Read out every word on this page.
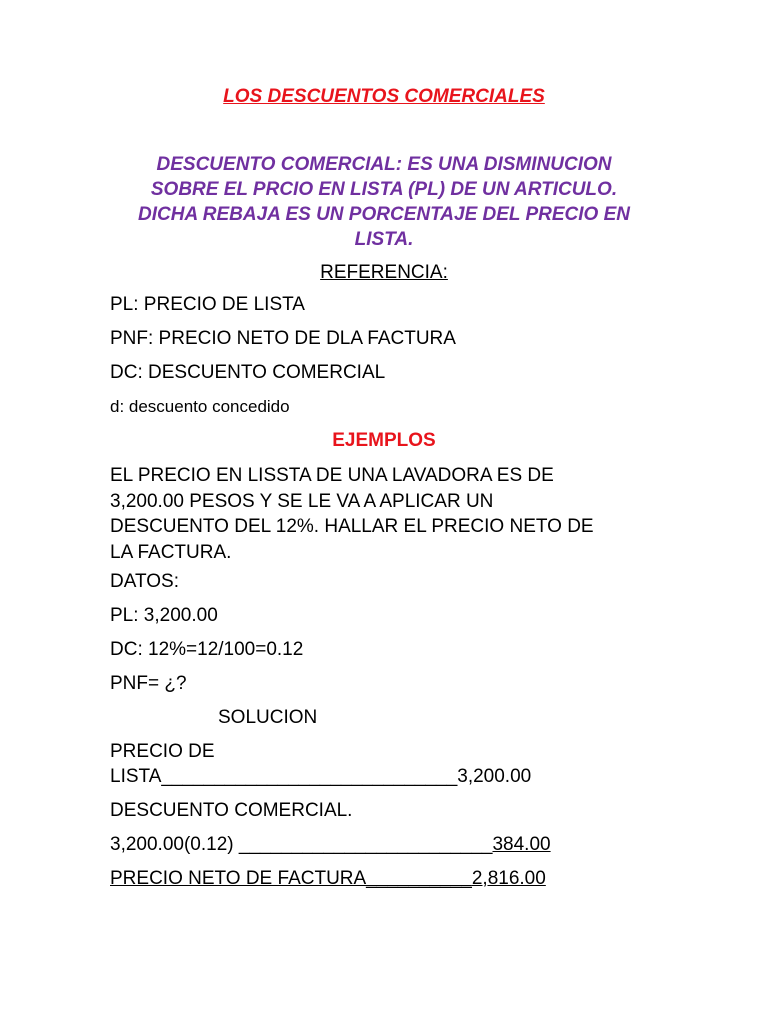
LOS DESCUENTOS COMERCIALES
DESCUENTO COMERCIAL: ES UNA DISMINUCION
SOBRE EL PRCIO EN LISTA (PL) DE UN ARTICULO.
DICHA REBAJA ES UN PORCENTAJE DEL PRECIO EN
LISTA.
REFERENCIA:
PL: PRECIO DE LISTA
PNF: PRECIO NETO DE DLA FACTURA
DC: DESCUENTO COMERCIAL
d: descuento concedido
EJEMPLOS
EL PRECIO EN LISSTA DE UNA LAVADORA ES DE
3,200.00 PESOS Y SE LE VA A APLICAR UN
DESCUENTO DEL 12%. HALLAR EL PRECIO NETO DE
LA FACTURA.
DATOS:
PL: 3,200.00
DC: 12%=12/100=0.12
PNF= ¿?
SOLUCION
PRECIO DE
LISTA____________________________3,200.00
DESCUENTO COMERCIAL.
3,200.00(0.12) ________________________384.00
PRECIO NETO DE FACTURA__________2,816.00
